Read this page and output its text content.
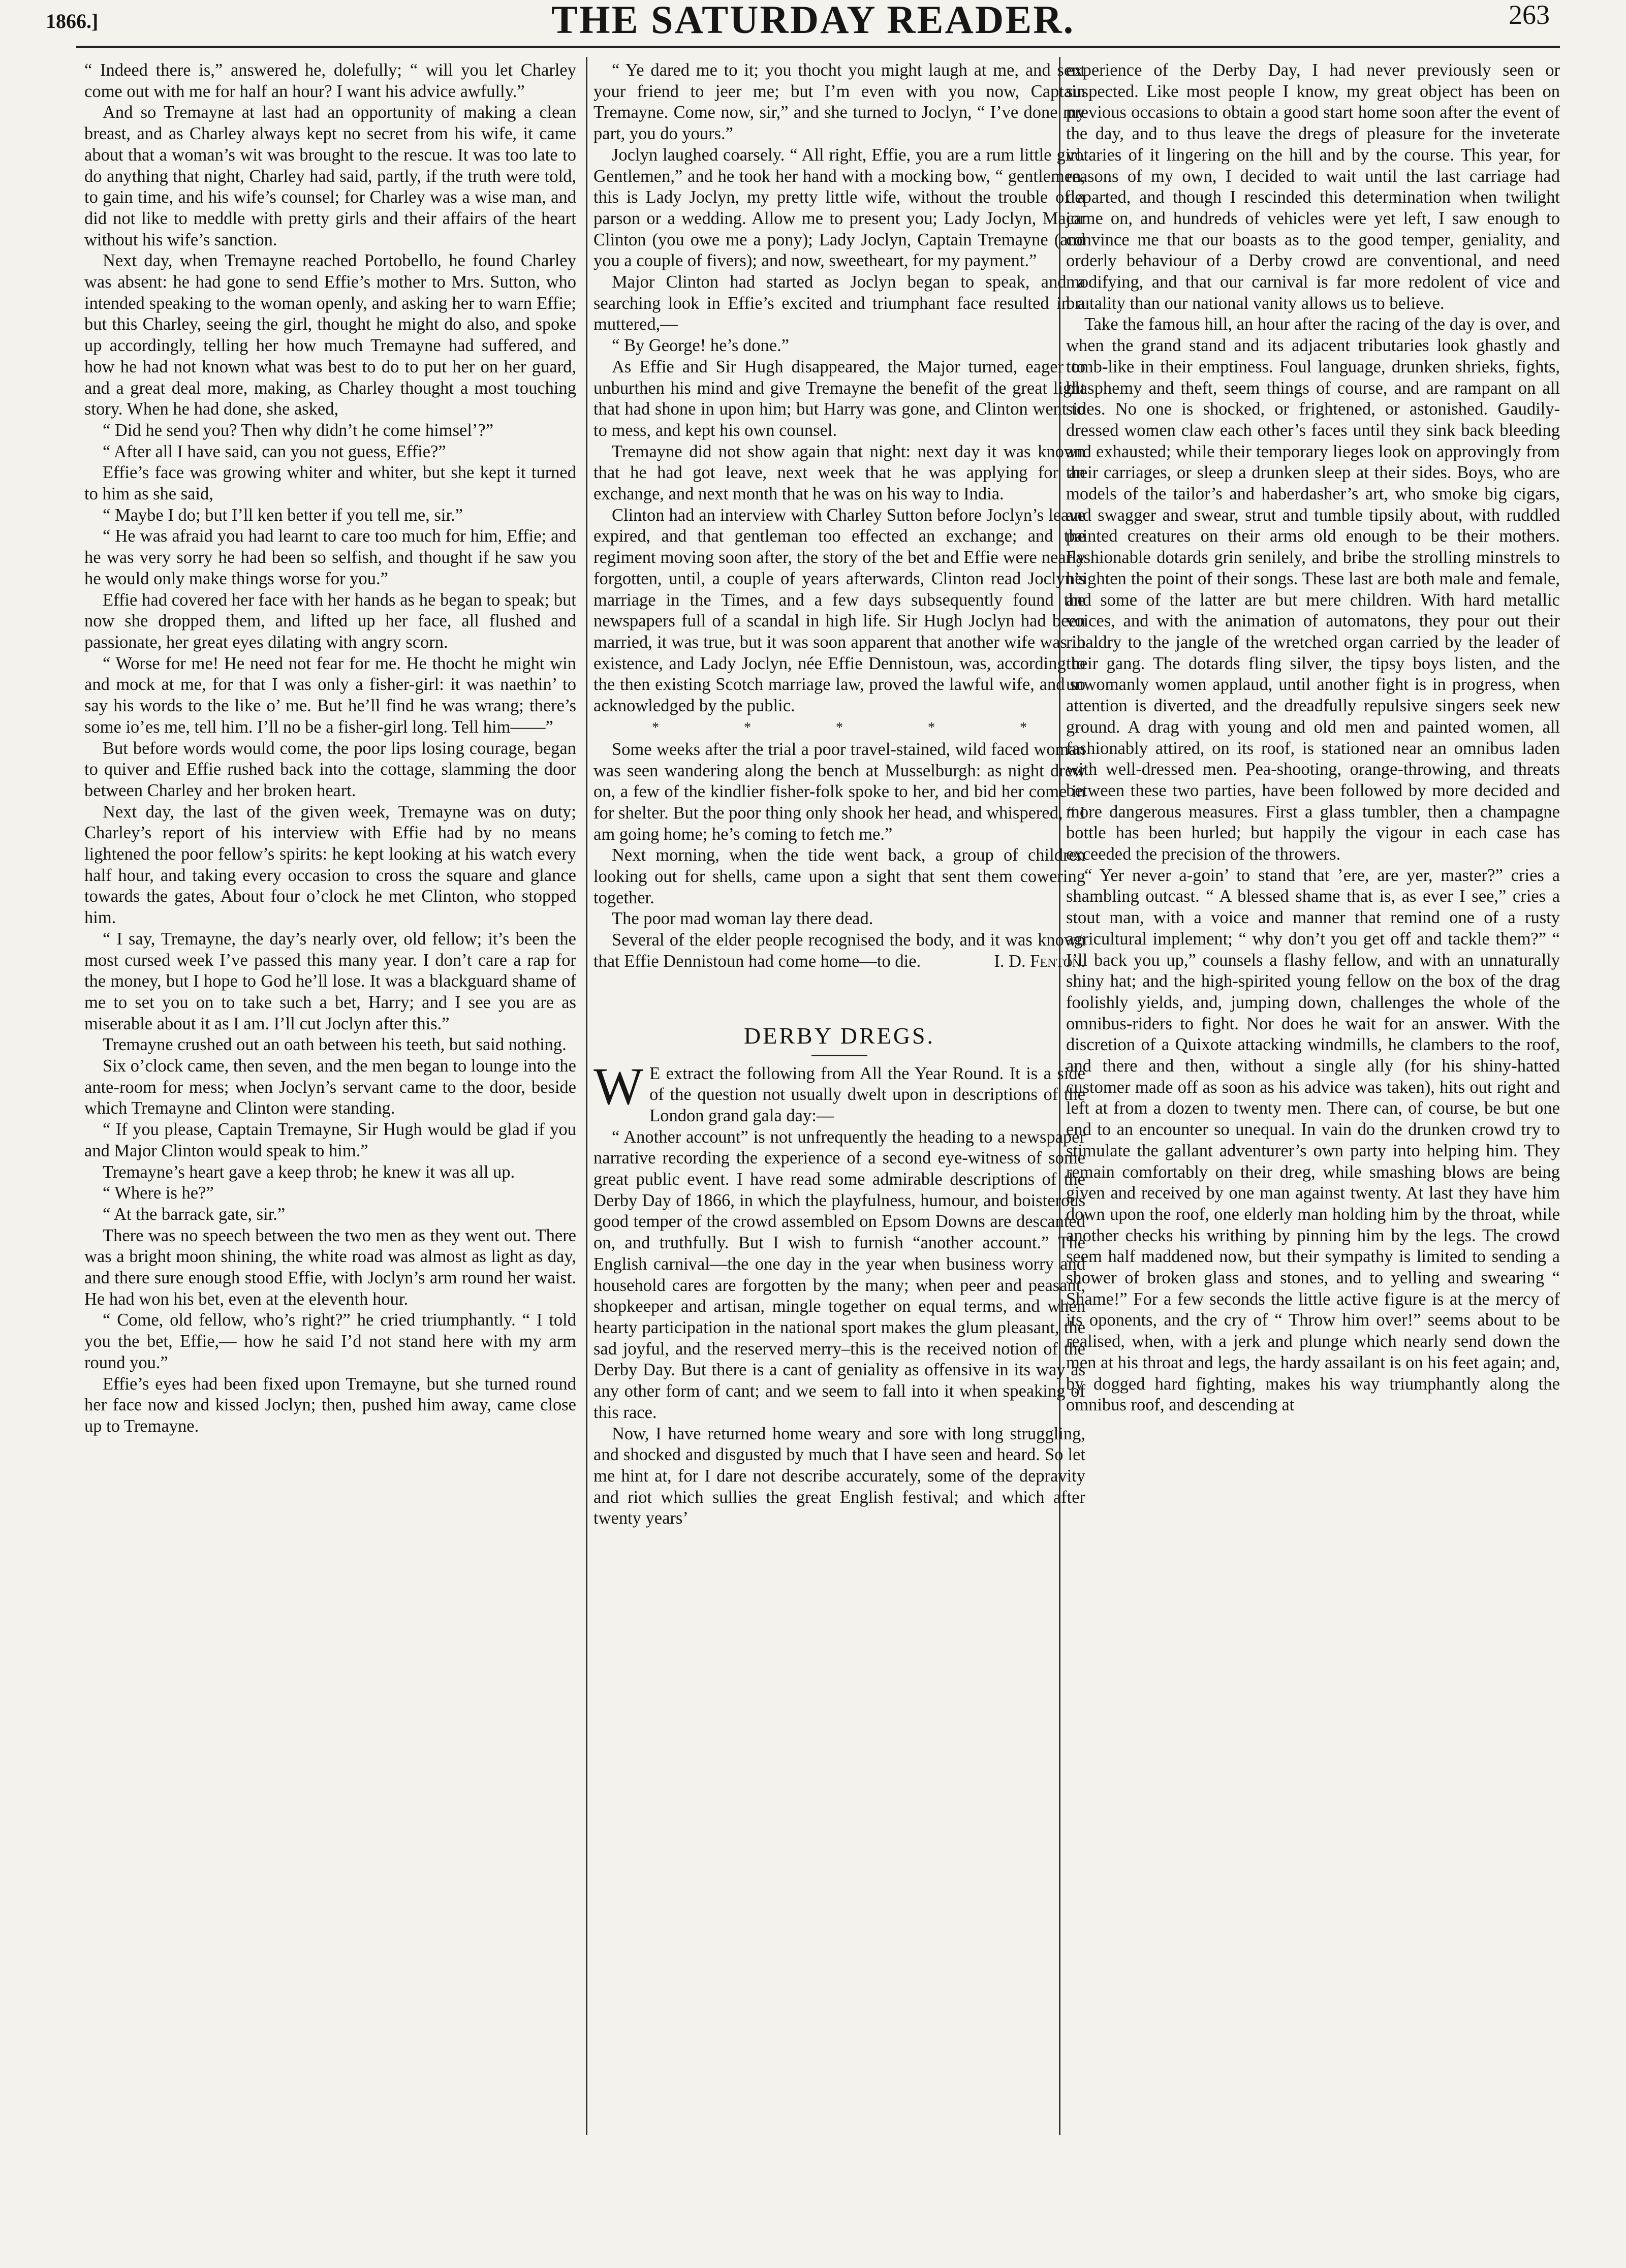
1866.]	THE SATURDAY READER.	263

“ Indeed there is,” answered he, dolefully; “ will you let Charley come out with me for half an hour? I want his advice awfully.”

And so Tremayne at last had an opportunity of making a clean breast, and as Charley always kept no secret from his wife, it came about that a woman’s wit was brought to the rescue. It was too late to do anything that night, Charley had said, partly, if the truth were told, to gain time, and his wife’s counsel; for Charley was a wise man, and did not like to meddle with pretty girls and their affairs of the heart without his wife’s sanction.

Next day, when Tremayne reached Portobello, he found Charley was absent: he had gone to send Effie’s mother to Mrs. Sutton, who intended speaking to the woman openly, and asking her to warn Effie; but this Charley, seeing the girl, thought he might do also, and spoke up accordingly, telling her how much Tremayne had suffered, and how he had not known what was best to do to put her on her guard, and a great deal more, making, as Charley thought a most touching story. When he had done, she asked,

“ Did he send you? Then why didn’t he come himsel’?”

“ After all I have said, can you not guess, Effie?”

Effie’s face was growing whiter and whiter, but she kept it turned to him as she said,

“ Maybe I do; but I’ll ken better if you tell me, sir.”

“ He was afraid you had learnt to care too much for him, Effie; and he was very sorry he had been so selfish, and thought if he saw you he would only make things worse for you.”

Effie had covered her face with her hands as he began to speak; but now she dropped them, and lifted up her face, all flushed and passionate, her great eyes dilating with angry scorn.

“ Worse for me! He need not fear for me. He thocht he might win and mock at me, for that I was only a fisher-girl: it was naethin’ to say his words to the like o’ me. But he’ll find he was wrang; there’s some io’es me, tell him. I’ll no be a fisher-girl long. Tell him——”

But before words would come, the poor lips losing courage, began to quiver and Effie rushed back into the cottage, slamming the door between Charley and her broken heart.

Next day, the last of the given week, Tremayne was on duty; Charley’s report of his interview with Effie had by no means lightened the poor fellow’s spirits: he kept looking at his watch every half hour, and taking every occasion to cross the square and glance towards the gates, About four o’clock he met Clinton, who stopped him.

“ I say, Tremayne, the day’s nearly over, old fellow; it’s been the most cursed week I’ve passed this many year. I don’t care a rap for the money, but I hope to God he’ll lose. It was a blackguard shame of me to set you on to take such a bet, Harry; and I see you are as miserable about it as I am. I’ll cut Joclyn after this.”

Tremayne crushed out an oath between his teeth, but said nothing.

Six o’clock came, then seven, and the men began to lounge into the ante-room for mess; when Joclyn’s servant came to the door, beside which Tremayne and Clinton were standing.

“ If you please, Captain Tremayne, Sir Hugh would be glad if you and Major Clinton would speak to him.”

Tremayne’s heart gave a keep throb; he knew it was all up.

“ Where is he?”

“ At the barrack gate, sir.”

There was no speech between the two men as they went out. There was a bright moon shining, the white road was almost as light as day, and there sure enough stood Effie, with Joclyn’s arm round her waist. He had won his bet, even at the eleventh hour.

“ Come, old fellow, who’s right?” he cried triumphantly. “ I told you the bet, Effie,— how he said I’d not stand here with my arm round you.”

Effie’s eyes had been fixed upon Tremayne, but she turned round her face now and kissed Joclyn; then, pushed him away, came close up to Tremayne.

“ Ye dared me to it; you thocht you might laugh at me, and sent your friend to jeer me; but I’m even with you now, Captain Tremayne. Come now, sir,” and she turned to Joclyn, “ I’ve done my part, you do yours.”

Joclyn laughed coarsely. “ All right, Effie, you are a rum little girl. Gentlemen,” and he took her hand with a mocking bow, “ gentlemen, this is Lady Joclyn, my pretty little wife, without the trouble of a parson or a wedding. Allow me to present you; Lady Joclyn, Major Clinton (you owe me a pony); Lady Joclyn, Captain Tremayne (and you a couple of fivers); and now, sweetheart, for my payment.”

Major Clinton had started as Joclyn began to speak, and a searching look in Effie’s excited and triumphant face resulted in a muttered,—

“ By George! he’s done.”

As Effie and Sir Hugh disappeared, the Major turned, eager to unburthen his mind and give Tremayne the benefit of the great light that had shone in upon him; but Harry was gone, and Clinton went to to mess, and kept his own counsel.

Tremayne did not show again that night: next day it was known that he had got leave, next week that he was applying for an exchange, and next month that he was on his way to India.

Clinton had an interview with Charley Sutton before Joclyn’s leave expired, and that gentleman too effected an exchange; and the regiment moving soon after, the story of the bet and Effie were nearly forgotten, until, a couple of years afterwards, Clinton read Joclyn’s marriage in the Times, and a few days subsequently found the newspapers full of a scandal in high life. Sir Hugh Joclyn had been married, it was true, but it was soon apparent that another wife was in existence, and Lady Joclyn, née Effie Dennistoun, was, according to the then existing Scotch marriage law, proved the lawful wife, and so acknowledged by the public.

* * * * *

Some weeks after the trial a poor travel-stained, wild faced woman was seen wandering along the bench at Musselburgh: as night drew on, a few of the kindlier fisher-folk spoke to her, and bid her come in for shelter. But the poor thing only shook her head, and whispered, “ I am going home; he’s coming to fetch me.”

Next morning, when the tide went back, a group of children looking out for shells, came upon a sight that sent them cowering together.

The poor mad woman lay there dead.

Several of the elder people recognised the body, and it was known that Effie Dennistoun had come home—to die.	I. D. Fenton.

DERBY DREGS.

W E extract the following from All the Year Round. It is a side of the question not usually dwelt upon in descriptions of the London grand gala day:—

“ Another account” is not unfrequently the heading to a newspaper narrative recording the experience of a second eye-witness of some great public event. I have read some admirable descriptions of the Derby Day of 1866, in which the playfulness, humour, and boisterous good temper of the crowd assembled on Epsom Downs are descanted on, and truthfully. But I wish to furnish “another account.” The English carnival—the one day in the year when business worry and household cares are forgotten by the many; when peer and peasant, shopkeeper and artisan, mingle together on equal terms, and when hearty participation in the national sport makes the glum pleasant, the sad joyful, and the reserved merry–this is the received notion of the Derby Day. But there is a cant of geniality as offensive in its way as any other form of cant; and we seem to fall into it when speaking of this race.

Now, I have returned home weary and sore with long struggling, and shocked and disgusted by much that I have seen and heard. So let me hint at, for I dare not describe accurately, some of the depravity and riot which sullies the great English festival; and which after twenty years’

experience of the Derby Day, I had never previously seen or suspected. Like most people I know, my great object has been on previous occasions to obtain a good start home soon after the event of the day, and to thus leave the dregs of pleasure for the inveterate votaries of it lingering on the hill and by the course. This year, for reasons of my own, I decided to wait until the last carriage had departed, and though I rescinded this determination when twilight came on, and hundreds of vehicles were yet left, I saw enough to convince me that our boasts as to the good temper, geniality, and orderly behaviour of a Derby crowd are conventional, and need modifying, and that our carnival is far more redolent of vice and brutality than our national vanity allows us to believe.

Take the famous hill, an hour after the racing of the day is over, and when the grand stand and its adjacent tributaries look ghastly and tomb-like in their emptiness. Foul language, drunken shrieks, fights, blasphemy and theft, seem things of course, and are rampant on all sides. No one is shocked, or frightened, or astonished. Gaudily-dressed women claw each other’s faces until they sink back bleeding and exhausted; while their temporary lieges look on approvingly from their carriages, or sleep a drunken sleep at their sides. Boys, who are models of the tailor’s and haberdasher’s art, who smoke big cigars, and swagger and swear, strut and tumble tipsily about, with ruddled painted creatures on their arms old enough to be their mothers. Fashionable dotards grin senilely, and bribe the strolling minstrels to heighten the point of their songs. These last are both male and female, and some of the latter are but mere children. With hard metallic voices, and with the animation of automatons, they pour out their ribaldry to the jangle of the wretched organ carried by the leader of their gang. The dotards fling silver, the tipsy boys listen, and the unwomanly women applaud, until another fight is in progress, when attention is diverted, and the dreadfully repulsive singers seek new ground. A drag with young and old men and painted women, all fashionably attired, on its roof, is stationed near an omnibus laden with well-dressed men. Pea-shooting, orange-throwing, and threats between these two parties, have been followed by more decided and more dangerous measures. First a glass tumbler, then a champagne bottle has been hurled; but happily the vigour in each case has exceeded the precision of the throwers.

“ Yer never a-goin’ to stand that ’ere, are yer, master?” cries a shambling outcast. “ A blessed shame that is, as ever I see,” cries a stout man, with a voice and manner that remind one of a rusty agricultural implement; “ why don’t you get off and tackle them?” “ I’ll back you up,” counsels a flashy fellow, and with an unnaturally shiny hat; and the high-spirited young fellow on the box of the drag foolishly yields, and, jumping down, challenges the whole of the omnibus-riders to fight. Nor does he wait for an answer. With the discretion of a Quixote attacking windmills, he clambers to the roof, and there and then, without a single ally (for his shiny-hatted customer made off as soon as his advice was taken), hits out right and left at from a dozen to twenty men. There can, of course, be but one end to an encounter so unequal. In vain do the drunken crowd try to stimulate the gallant adventurer’s own party into helping him. They remain comfortably on their dreg, while smashing blows are being given and received by one man against twenty. At last they have him down upon the roof, one elderly man holding him by the throat, while another checks his writhing by pinning him by the legs. The crowd seem half maddened now, but their sympathy is limited to sending a shower of broken glass and stones, and to yelling and swearing “ Shame!” For a few seconds the little active figure is at the mercy of its oponents, and the cry of “ Throw him over!” seems about to be realised, when, with a jerk and plunge which nearly send down the men at his throat and legs, the hardy assailant is on his feet again; and, by dogged hard fighting, makes his way triumphantly along the omnibus roof, and descending at
